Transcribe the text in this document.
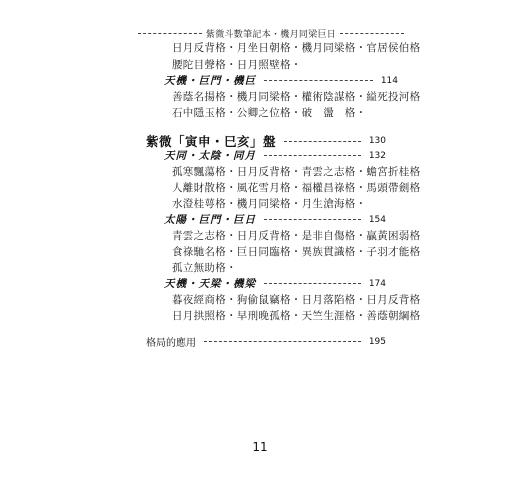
紫微斗數筆記本・機月同梁巨日
日月反背格・月坐日朝格・機月同梁格・官居侯伯格
腰陀目聲格・日月照壁格・
天機・巨門・機巨	114
善蔭名揚格・機月同梁格・權術陰謀格・縊死投河格
石中隱玉格・公卿之位格・破　盪　格・
紫微「寅申・巳亥」盤	130
天同・太陰・同月	132
孤寒飄蕩格・日月反背格・青雲之志格・蟾宮折桂格
人離財散格・風花雪月格・福權昌祿格・馬頭帶劍格
水澄桂萼格・機月同梁格・月生滄海格・
太陽・巨門・巨日	154
青雲之志格・日月反背格・是非自傷格・贏黃困弱格
食祿馳名格・巨日同臨格・異族貫識格・子羽才能格
孤立無助格・
天機・天梁・機梁	174
暮夜經商格・狗偷鼠竊格・日月落陷格・日月反背格
日月拱照格・早刑晚孤格・天竺生涯格・善蔭朝綱格
格局的應用	195
11
